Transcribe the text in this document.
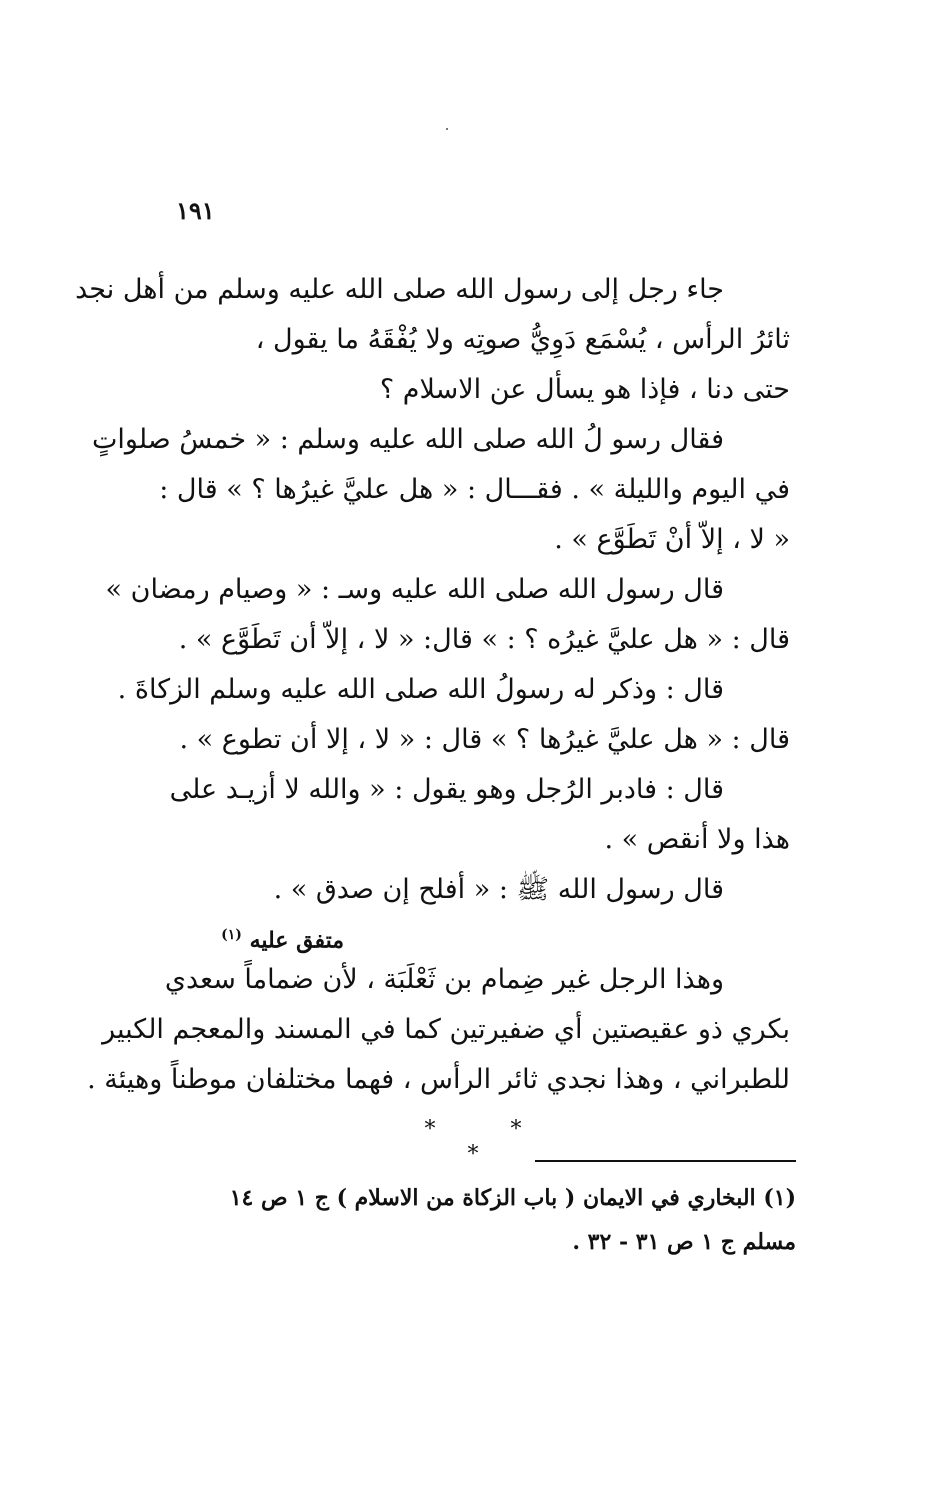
١٩١
جاء رجل إلى رسول الله صلى الله عليه وسلم من أهل نجد
ثائرُ الرأس ، يُسْمَع دَوِيُّ صوتِه ولا يُفْقَهُ ما يقول ،
حتى دنا ، فإذا هو يسأل عن الاسلام ؟
فقال رسو لُ الله صلى الله عليه وسلم : « خمسُ صلواتٍ
في اليوم والليلة » . فقـــال : « هل عليَّ غيرُها ؟ » قال :
« لا ، إلاّ أنْ تَطَوَّع » .
قال رسول الله صلى الله عليه وسـ : « وصيام رمضان »
قال : « هل عليَّ غيرُه ؟ : » قال: « لا ، إلاّ أن تَطَوَّع » .
قال : وذكر له رسولُ الله صلى الله عليه وسلم الزكاةَ .
قال : « هل عليَّ غيرُها ؟ » قال : « لا ، إلا أن تطوع » .
قال : فادبر الرُجل وهو يقول : « والله لا أزيـد على
هذا ولا أنقص » .
قال رسول الله ﷺ : « أفلح إن صدق » .
متفق عليه $^{(١)}$
وهذا الرجل غير ضِمام بن ثَعْلَبَة ، لأن ضماماً سعدي
بكري ذو عقيصتين أي ضفيرتين كما في المسند والمعجم الكبير
للطبراني ، وهذا نجدي ثائر الرأس ، فهما مختلفان موطناً وهيئة .
* * *
(١) البخاري في الايمان ( باب الزكاة من الاسلام ) ج ١ ص ١٤
مسلم ج ١ ص ٣١ - ٣٢ .
